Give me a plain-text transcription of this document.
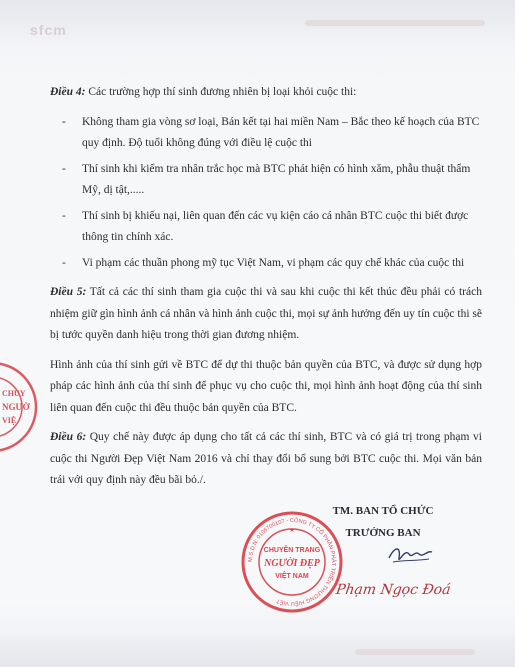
sfcm

Điều 4: Các trường hợp thí sinh đương nhiên bị loại khỏi cuộc thi:

- Không tham gia vòng sơ loại, Bán kết tại hai miền Nam – Bắc theo kế hoạch của BTC quy định. Độ tuổi không đúng với điều lệ cuộc thi
- Thí sinh khi kiểm tra nhân trắc học mà BTC phát hiện có hình xăm, phẫu thuật thẩm Mỹ, dị tật,.....
- Thí sinh bị khiếu nại, liên quan đến các vụ kiện cáo cá nhân BTC cuộc thi biết được thông tin chính xác.
- Vi phạm các thuần phong mỹ tục Việt Nam, vi phạm các quy chế khác của cuộc thi

Điều 5: Tất cả các thí sinh tham gia cuộc thi và sau khi cuộc thi kết thúc đều phải có trách nhiệm giữ gìn hình ảnh cá nhân và hình ảnh cuộc thi, mọi sự ảnh hưởng đến uy tín cuộc thi sẽ bị tước quyền danh hiệu trong thời gian đương nhiệm.

Hình ảnh của thí sinh gửi về BTC để dự thi thuộc bản quyền của BTC, và được sử dụng hợp pháp các hình ảnh của thí sinh để phục vụ cho cuộc thi, mọi hình ảnh hoạt động của thí sinh liên quan đến cuộc thi đều thuộc bản quyền của BTC.

Điều 6: Quy chế này được áp dụng cho tất cả các thí sinh, BTC và có giá trị trong phạm vi cuộc thi Người Đẹp Việt Nam 2016 và chỉ thay đổi bổ sung bởi BTC cuộc thi. Mọi văn bản trái với quy định này đều bãi bỏ./.

CHUY
NGƯỜ
VIỆ
M.S.D.N: 0106700107 - CÔNG TY CỔ PHẦN PHÁT TRIỂN THƯƠNG HIỆU VIỆT
CHUYÊN TRANG
NGƯỜI ĐẸP
VIỆT NAM
★
TM. BAN TỔ CHỨC
TRƯỞNG BAN
Phạm Ngọc Đoá
